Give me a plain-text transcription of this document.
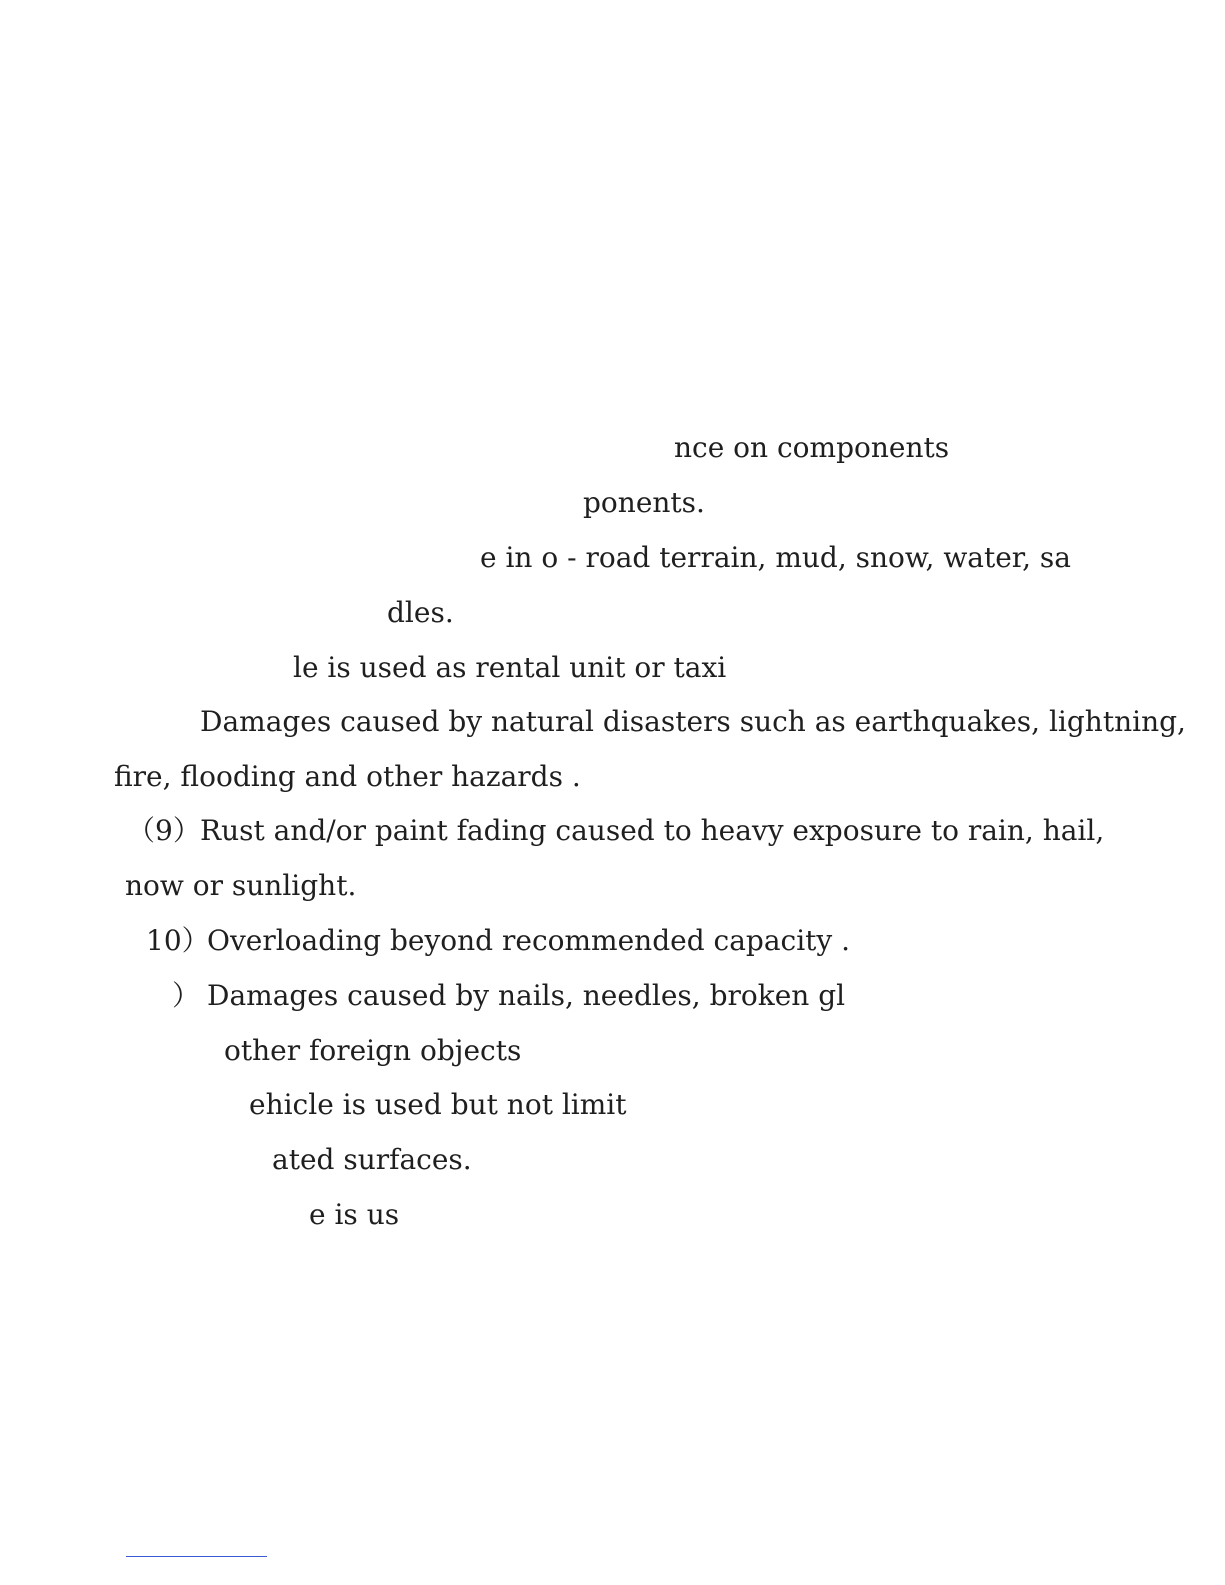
nce on components
ponents.
e in o - road terrain, mud, snow, water, sa
dles.
le is used as rental unit or taxi
Damages caused by natural disasters such as earthquakes, lightning,
fire, flooding and other hazards .
（9） Rust and/or paint fading caused to heavy exposure to rain, hail,
now or sunlight.
10）
Overloading beyond recommended capacity .
） Damages caused by nails, needles, broken gl
other foreign objects
ehicle is used but not limit
ated surfaces.
e is us
